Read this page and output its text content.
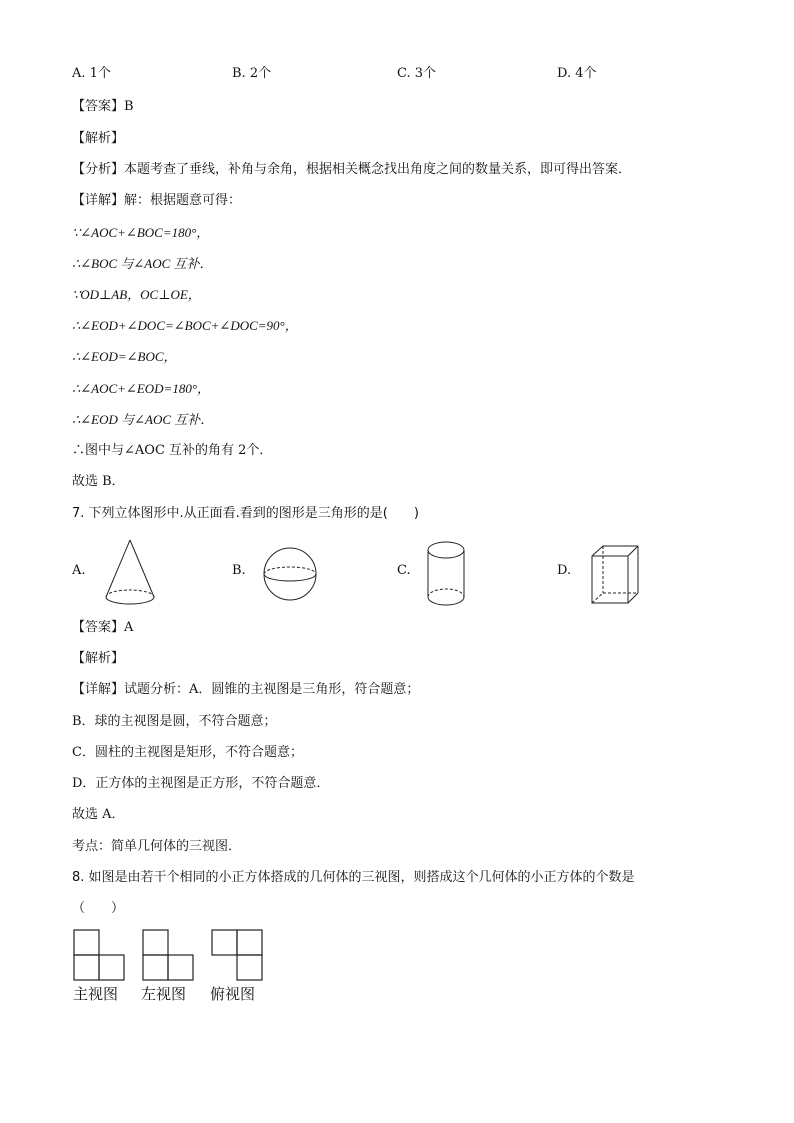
A. 1个	B. 2个	C. 3个	D. 4个
【答案】B
【解析】
【分析】本题考查了垂线，补角与余角，根据相关概念找出角度之间的数量关系，即可得出答案．
【详解】解：根据题意可得：
∵∠AOC+∠BOC=180°，
∴∠BOC 与∠AOC 互补．
∵OD⊥AB，OC⊥OE，
∴∠EOD+∠DOC=∠BOC+∠DOC=90°，
∴∠EOD=∠BOC，
∴∠AOC+∠EOD=180°，
∴∠EOD 与∠AOC 互补．
∴图中与∠AOC 互补的角有 2个．
故选 B．
7. 下列立体图形中.从正面看.看到的图形是三角形的是(　　)
A.	B.	C.	D.
【答案】A
【解析】
【详解】试题分析：A．圆锥的主视图是三角形，符合题意；
B．球的主视图是圆，不符合题意；
C．圆柱的主视图是矩形，不符合题意；
D．正方体的主视图是正方形，不符合题意．
故选 A．
考点：简单几何体的三视图．
8. 如图是由若干个相同的小正方体搭成的几何体的三视图，则搭成这个几何体的小正方体的个数是
（　　）
主视图 左视图 俯视图
